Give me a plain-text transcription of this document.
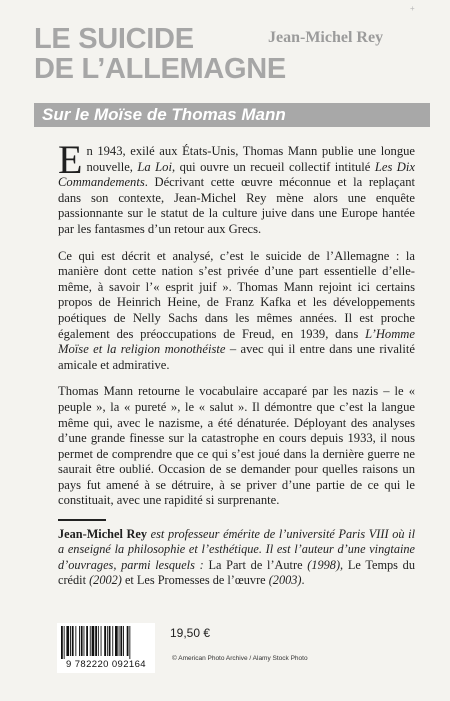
LE SUICIDE
DE L’ALLEMAGNE
Jean-Michel Rey
+
Sur le Moïse de Thomas Mann

En 1943, exilé aux États-Unis, Thomas Mann publie une longue nouvelle, La Loi, qui ouvre un recueil collectif intitulé Les Dix Commandements. Décrivant cette œuvre méconnue et la replaçant dans son contexte, Jean-Michel Rey mène alors une enquête passionnante sur le statut de la culture juive dans une Europe hantée par les fantasmes d’un retour aux Grecs.

Ce qui est décrit et analysé, c’est le suicide de l’Allemagne : la manière dont cette nation s’est privée d’une part essentielle d’elle-même, à savoir l’« esprit juif ». Thomas Mann rejoint ici certains propos de Heinrich Heine, de Franz Kafka et les développements poétiques de Nelly Sachs dans les mêmes années. Il est proche également des préoccupations de Freud, en 1939, dans L’Homme Moïse et la religion monothéiste – avec qui il entre dans une rivalité amicale et admirative.

Thomas Mann retourne le vocabulaire accaparé par les nazis – le « peuple », la « pureté », le « salut ». Il démontre que c’est la langue même qui, avec le nazisme, a été dénaturée. Déployant des analyses d’une grande finesse sur la catastrophe en cours depuis 1933, il nous permet de comprendre que ce qui s’est joué dans la dernière guerre ne saurait être oublié. Occasion de se demander pour quelles raisons un pays fut amené à se détruire, à se priver d’une partie de ce qui le constituait, avec une rapidité si surprenante.

Jean-Michel Rey est professeur émérite de l’université Paris VIII où il a enseigné la philosophie et l’esthétique. Il est l’auteur d’une vingtaine d’ouvrages, parmi lesquels : La Part de l’Autre (1998), Le Temps du crédit (2002) et Les Promesses de l’œuvre (2003).
9 782220 092164
19,50 €
© American Photo Archive / Alamy Stock Photo
